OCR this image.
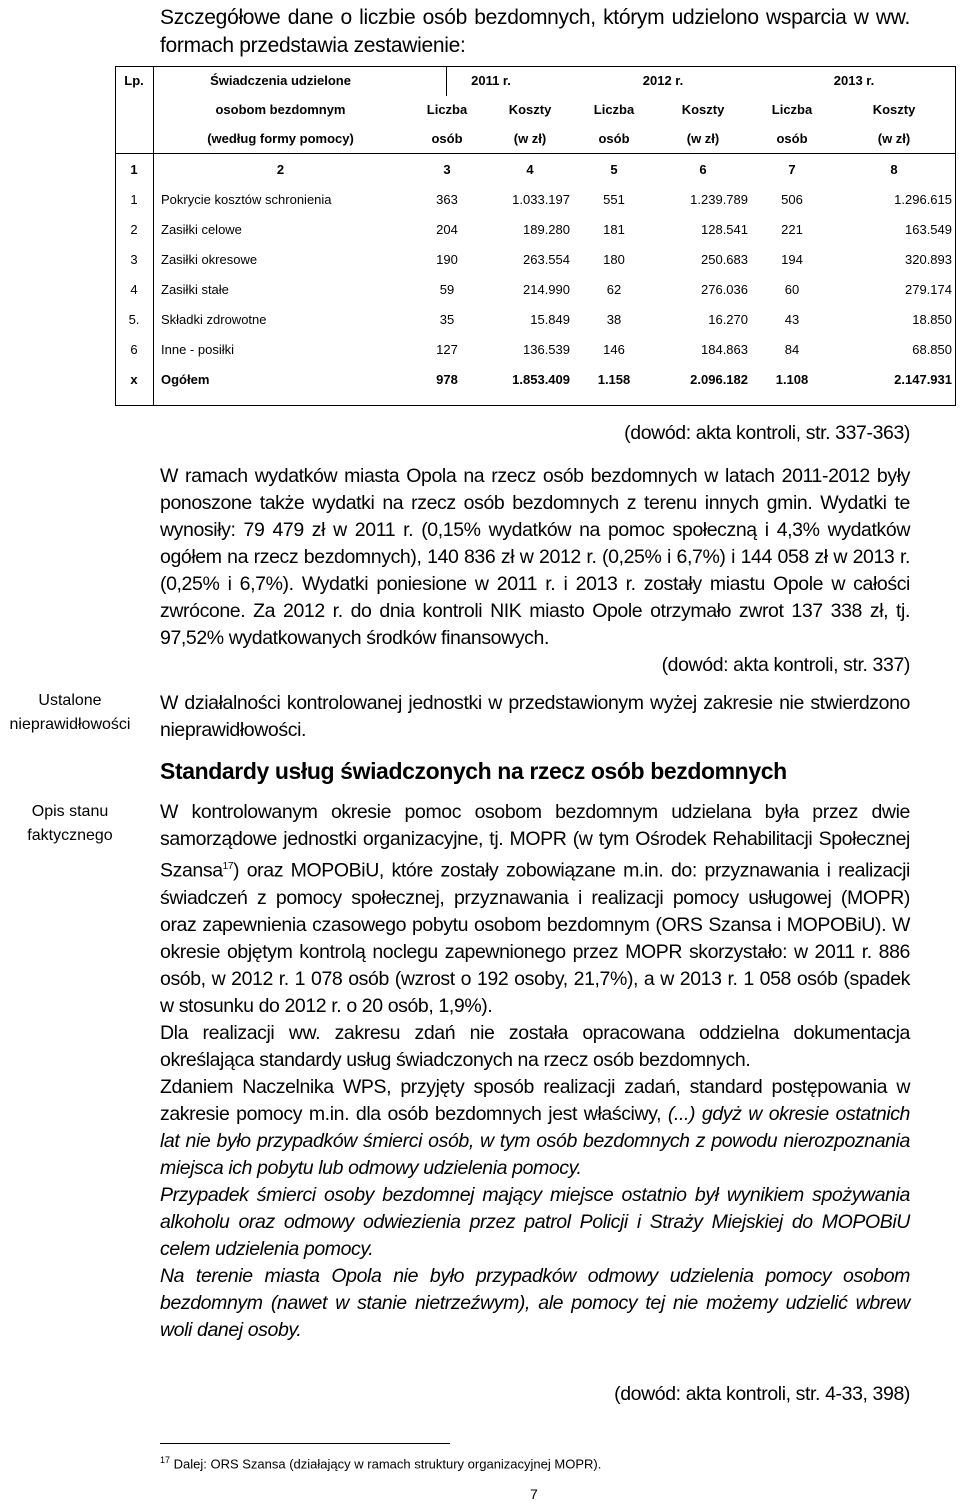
Szczegółowe dane o liczbie osób bezdomnych, którym udzielono wsparcia w ww. formach przedstawia zestawienie:
Lp.	Świadczenia udzielone	2011 r.		2012 r.		2013 r.	
	osobom bezdomnym	Liczba	Koszty	Liczba	Koszty	Liczba	Koszty
	(według formy pomocy)	osób	(w zł)	osób	(w zł)	osób	(w zł)
1	2	3	4	5	6	7	8
1	Pokrycie kosztów schronienia	363	1.033.197	551	1.239.789	506	1.296.615
2	Zasiłki celowe	204	189.280	181	128.541	221	163.549
3	Zasiłki okresowe	190	263.554	180	250.683	194	320.893
4	Zasiłki stałe	59	214.990	62	276.036	60	279.174
5.	Składki zdrowotne	35	15.849	38	16.270	43	18.850
6	Inne - posiłki	127	136.539	146	184.863	84	68.850
x	Ogółem	978	1.853.409	1.158	2.096.182	1.108	2.147.931
(dowód: akta kontroli, str. 337-363)

W ramach wydatków miasta Opola na rzecz osób bezdomnych w latach 2011-2012 były ponoszone także wydatki na rzecz osób bezdomnych z terenu innych gmin. Wydatki te wynosiły: 79 479 zł w 2011 r. (0,15% wydatków na pomoc społeczną i 4,3% wydatków ogółem na rzecz bezdomnych), 140 836 zł w 2012 r. (0,25% i 6,7%) i 144 058 zł w 2013 r. (0,25% i 6,7%). Wydatki poniesione w 2011 r. i 2013 r. zostały miastu Opole w całości zwrócone. Za 2012 r. do dnia kontroli NIK miasto Opole otrzymało zwrot 137 338 zł, tj. 97,52% wydatkowanych środków finansowych.

(dowód: akta kontroli, str. 337)

Ustalone nieprawidłowości

W działalności kontrolowanej jednostki w przedstawionym wyżej zakresie nie stwierdzono nieprawidłowości.

Standardy usług świadczonych na rzecz osób bezdomnych
Opis stanu faktycznego

W kontrolowanym okresie pomoc osobom bezdomnym udzielana była przez dwie samorządowe jednostki organizacyjne, tj. MOPR (w tym Ośrodek Rehabilitacji Społecznej Szansa$^{17}$) oraz MOPOBiU, które zostały zobowiązane m.in. do: przyznawania i realizacji świadczeń z pomocy społecznej, przyznawania i realizacji pomocy usługowej (MOPR) oraz zapewnienia czasowego pobytu osobom bezdomnym (ORS Szansa i MOPOBiU). W okresie objętym kontrolą noclegu zapewnionego przez MOPR skorzystało: w 2011 r. 886 osób, w 2012 r. 1 078 osób (wzrost o 192 osoby, 21,7%), a w 2013 r. 1 058 osób (spadek w stosunku do 2012 r. o 20 osób, 1,9%).

Dla realizacji ww. zakresu zdań nie została opracowana oddzielna dokumentacja określająca standardy usług świadczonych na rzecz osób bezdomnych.

Zdaniem Naczelnika WPS, przyjęty sposób realizacji zadań, standard postępowania w zakresie pomocy m.in. dla osób bezdomnych jest właściwy, (...) gdyż w okresie ostatnich lat nie było przypadków śmierci osób, w tym osób bezdomnych z powodu nierozpoznania miejsca ich pobytu lub odmowy udzielenia pomocy.

Przypadek śmierci osoby bezdomnej mający miejsce ostatnio był wynikiem spożywania alkoholu oraz odmowy odwiezienia przez patrol Policji i Straży Miejskiej do MOPOBiU celem udzielenia pomocy.

Na terenie miasta Opola nie było przypadków odmowy udzielenia pomocy osobom bezdomnym (nawet w stanie nietrzeźwym), ale pomocy tej nie możemy udzielić wbrew woli danej osoby.

(dowód: akta kontroli, str. 4-33, 398)
$^{17}$ Dalej: ORS Szansa (działający w ramach struktury organizacyjnej MOPR).
7
